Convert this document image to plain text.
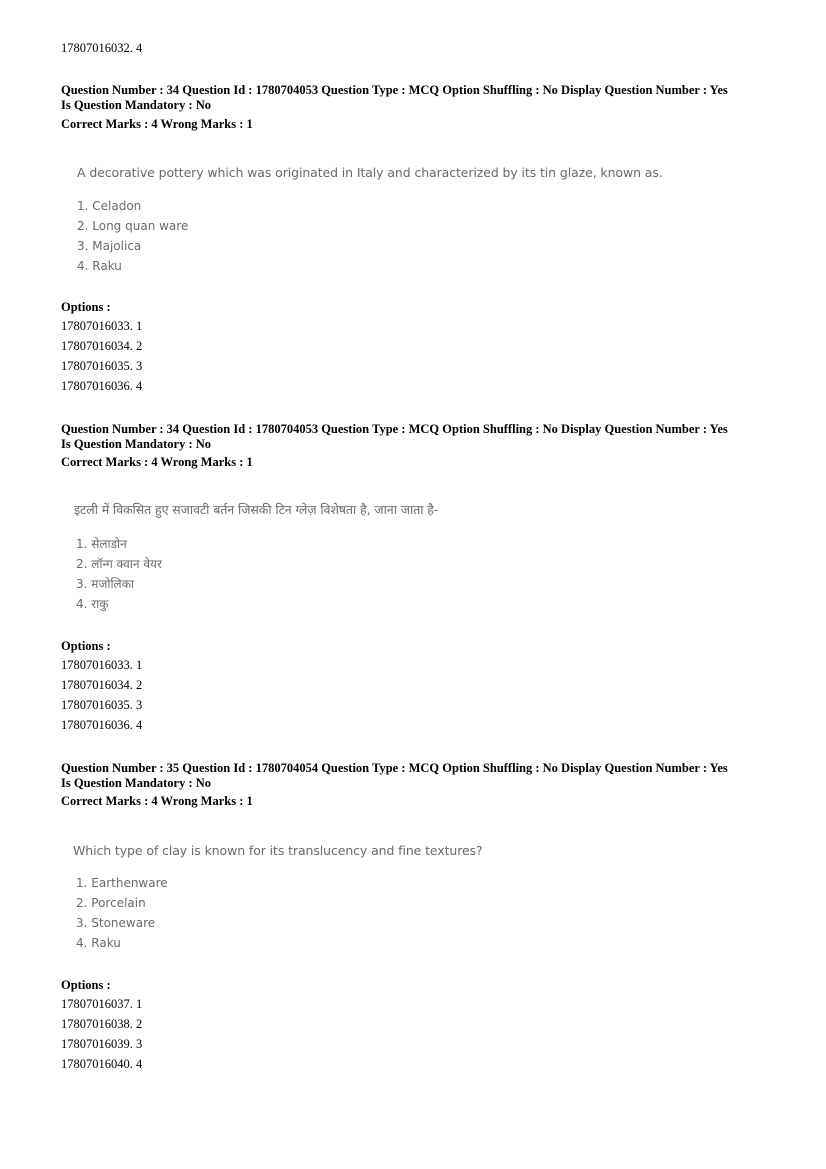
17807016032. 4
Question Number : 34 Question Id : 1780704053 Question Type : MCQ Option Shuffling : No Display Question Number : Yes
Is Question Mandatory : No
Correct Marks : 4 Wrong Marks : 1
A decorative pottery which was originated in Italy and characterized by its tin glaze, known as.
1. Celadon
2. Long quan ware
3. Majolica
4. Raku
Options :
17807016033. 1
17807016034. 2
17807016035. 3
17807016036. 4
Question Number : 34 Question Id : 1780704053 Question Type : MCQ Option Shuffling : No Display Question Number : Yes
Is Question Mandatory : No
Correct Marks : 4 Wrong Marks : 1
इटली में विकसित हुए सजावटी बर्तन जिसकी टिन ग्लेज़ विशेषता है, जाना जाता है-
1. सेलाडोन
2. लॉन्ग क्वान वेयर
3. मजोलिका
4. राकु
Options :
17807016033. 1
17807016034. 2
17807016035. 3
17807016036. 4
Question Number : 35 Question Id : 1780704054 Question Type : MCQ Option Shuffling : No Display Question Number : Yes
Is Question Mandatory : No
Correct Marks : 4 Wrong Marks : 1
Which type of clay is known for its translucency and fine textures?
1. Earthenware
2. Porcelain
3. Stoneware
4. Raku
Options :
17807016037. 1
17807016038. 2
17807016039. 3
17807016040. 4
